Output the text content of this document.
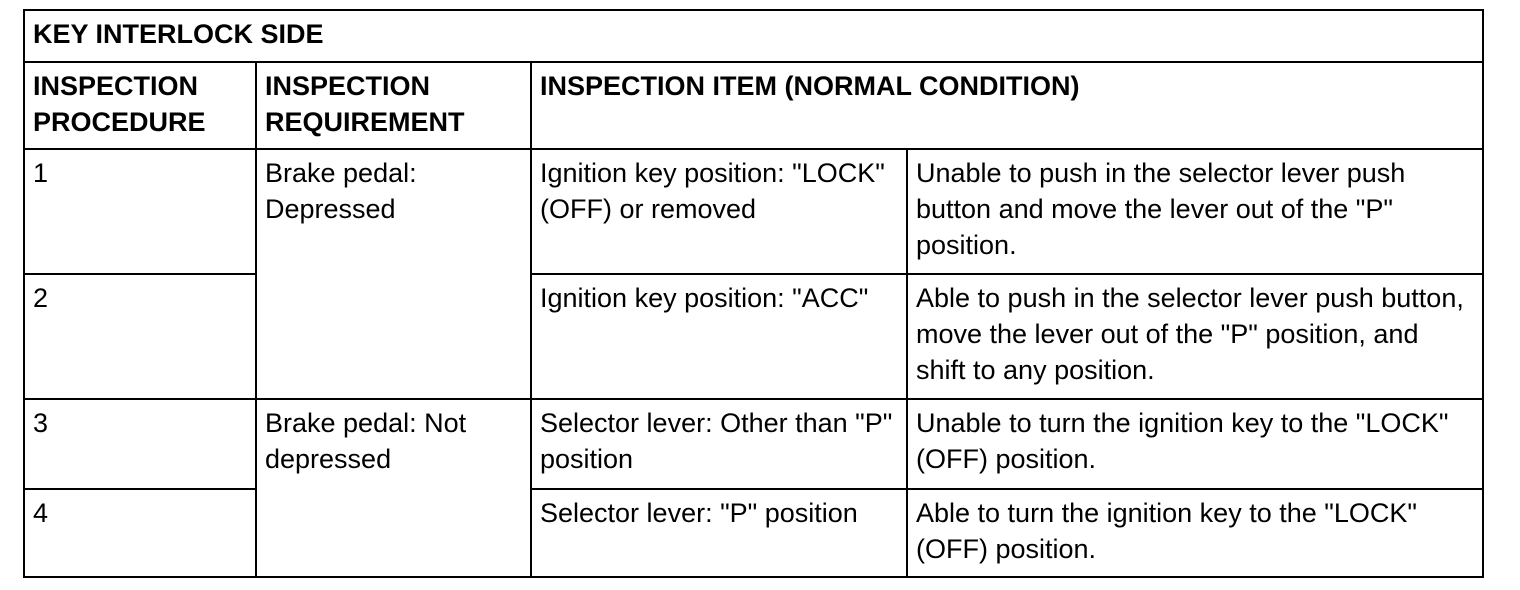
KEY INTERLOCK SIDE			
INSPECTION PROCEDURE	INSPECTION REQUIREMENT	INSPECTION ITEM (NORMAL CONDITION)	
1	Brake pedal: Depressed	Ignition key position: "LOCK" (OFF) or removed	Unable to push in the selector lever push button and move the lever out of the "P" position.
2		Ignition key position: "ACC"	Able to push in the selector lever push button, move the lever out of the "P" position, and shift to any position.
3	Brake pedal: Not depressed	Selector lever: Other than "P" position	Unable to turn the ignition key to the "LOCK" (OFF) position.
4		Selector lever: "P" position	Able to turn the ignition key to the "LOCK" (OFF) position.
